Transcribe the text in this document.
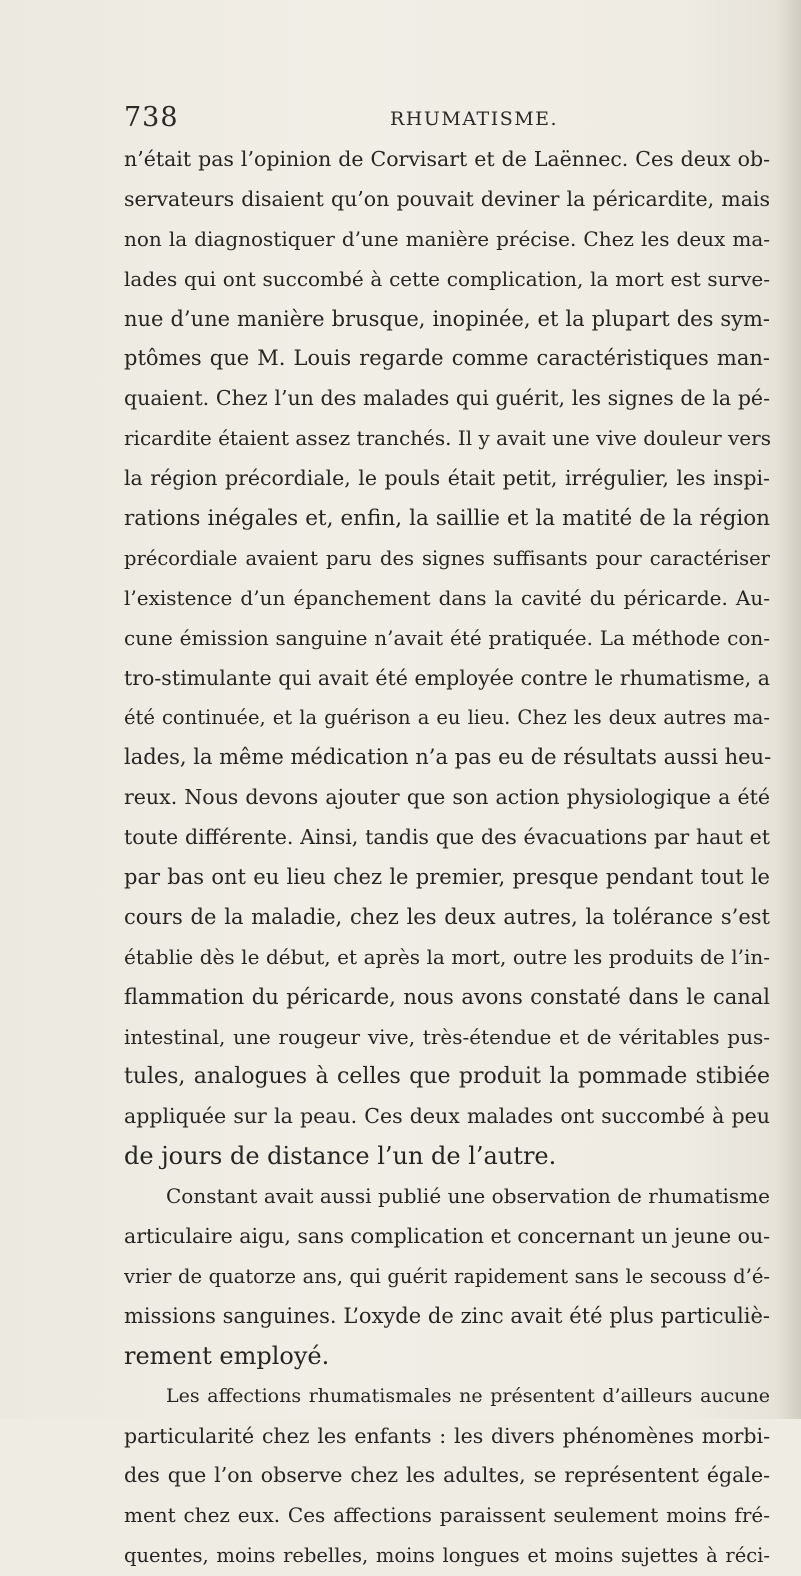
738	RHUMATISME.
n’était pas l’opinion de Corvisart et de Laënnec. Ces deux ob-
servateurs disaient qu’on pouvait deviner la péricardite, mais
non la diagnostiquer d’une manière précise. Chez les deux ma-
lades qui ont succombé à cette complication, la mort est surve-
nue d’une manière brusque, inopinée, et la plupart des sym-
ptômes que M. Louis regarde comme caractéristiques man-
quaient. Chez l’un des malades qui guérit, les signes de la pé-
ricardite étaient assez tranchés. Il y avait une vive douleur vers
la région précordiale, le pouls était petit, irrégulier, les inspi-
rations inégales et, enfin, la saillie et la matité de la région
précordiale avaient paru des signes suffisants pour caractériser
l’existence d’un épanchement dans la cavité du péricarde. Au-
cune émission sanguine n’avait été pratiquée. La méthode con-
tro-stimulante qui avait été employée contre le rhumatisme, a
été continuée, et la guérison a eu lieu. Chez les deux autres ma-
lades, la même médication n’a pas eu de résultats aussi heu-
reux. Nous devons ajouter que son action physiologique a été
toute différente. Ainsi, tandis que des évacuations par haut et
par bas ont eu lieu chez le premier, presque pendant tout le
cours de la maladie, chez les deux autres, la tolérance s’est
établie dès le début, et après la mort, outre les produits de l’in-
flammation du péricarde, nous avons constaté dans le canal
intestinal, une rougeur vive, très-étendue et de véritables pus-
tules, analogues à celles que produit la pommade stibiée
appliquée sur la peau. Ces deux malades ont succombé à peu
de jours de distance l’un de l’autre.
Constant avait aussi publié une observation de rhumatisme
articulaire aigu, sans complication et concernant un jeune ou-
vrier de quatorze ans, qui guérit rapidement sans le secouss d’é-
missions sanguines. L’oxyde de zinc avait été plus particuliè-
rement employé.
Les affections rhumatismales ne présentent d’ailleurs aucune
particularité chez les enfants : les divers phénomènes morbi-
des que l’on observe chez les adultes, se représentent égale-
ment chez eux. Ces affections paraissent seulement moins fré-
quentes, moins rebelles, moins longues et moins sujettes à réci-
